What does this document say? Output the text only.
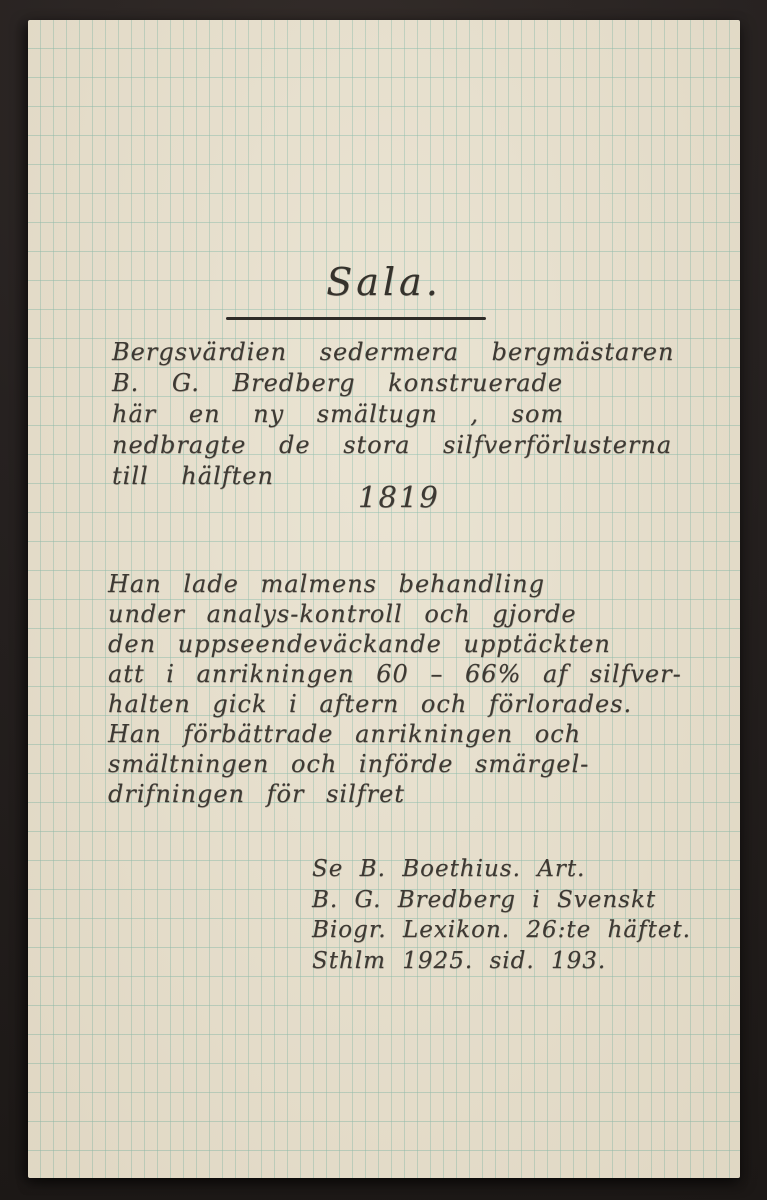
Sala.
Bergsvärdien sedermera bergmästaren
B. G. Bredberg konstruerade
här en ny smältugn , som
nedbragte de stora silfverförlusterna
till hälften
1819
Han lade malmens behandling
under analys-kontroll och gjorde
den uppseendeväckande upptäckten
att i anrikningen 60 – 66% af silfver-
halten gick i aftern och förlorades.
Han förbättrade anrikningen och
smältningen och införde smärgel-
drifningen för silfret
Se B. Boethius. Art.
B. G. Bredberg i Svenskt
Biogr. Lexikon. 26:te häftet.
Sthlm 1925. sid. 193.
